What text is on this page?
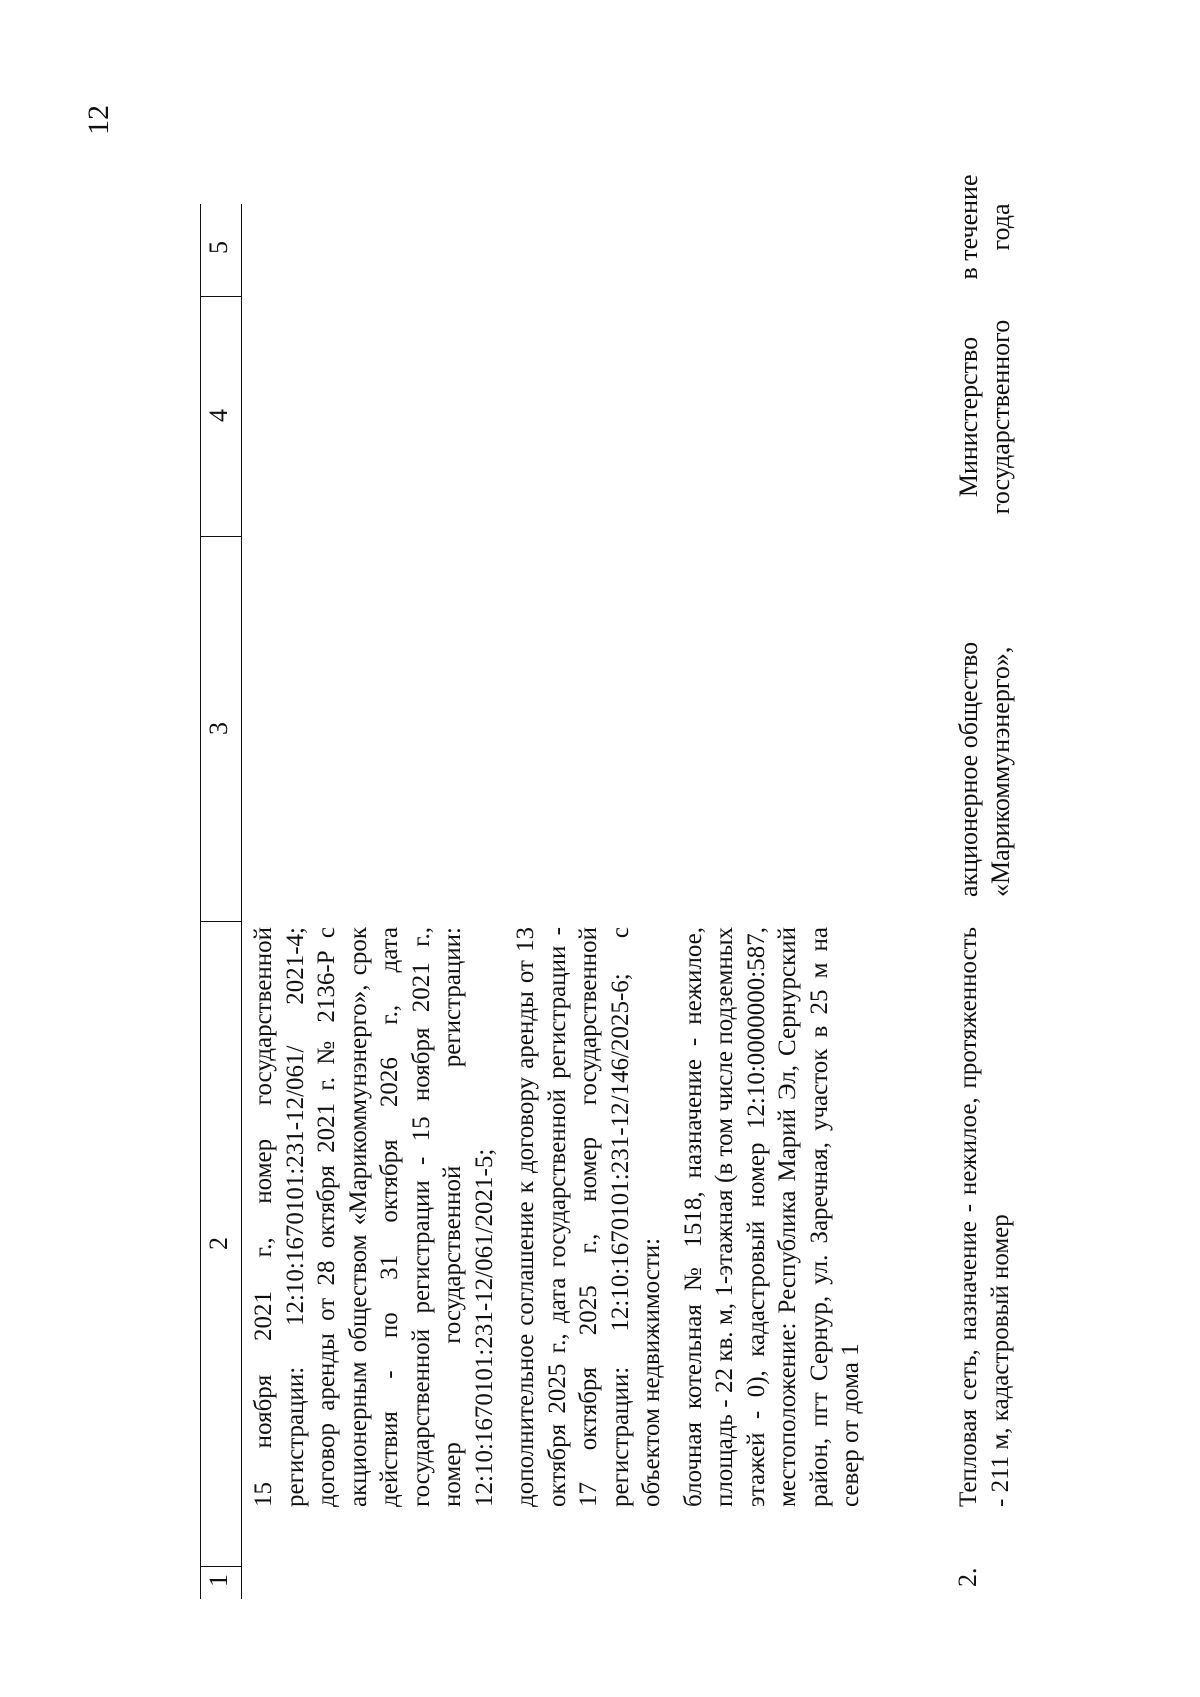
12
1
2
3
4
5

15 ноября 2021 г., номер государственной регистрации: 12:10:1670101:231-12/061/ 2021-4; договор аренды от 28 октября 2021 г. № 2136-Р с акционерным обществом «Марикоммунэнерго», срок действия - по 31 октября 2026 г., дата государственной регистрации - 15 ноября 2021 г., номер государственной регистрации: 12:10:1670101:231-12/061/2021-5; дополнительное соглашение к договору аренды от 13 октября 2025 г., дата государственной регистрации - 17 октября 2025 г., номер государственной регистрации: 12:10:1670101:231-12/146/2025-6; с объектом недвижимости: блочная котельная № 1518, назначение - нежилое, площадь - 22 кв. м, 1-этажная (в том числе подземных этажей - 0), кадастровый номер 12:10:0000000:587, местоположение: Республика Марий Эл, Сернурский район, пгт Сернур, ул. Заречная, участок в 25 м на север от дома 1

2.
Тепловая сеть, назначение - нежилое, протяженность - 211 м, кадастровый номер
акционерное общество «Марикоммунэнерго»,
Министерство государственного
в течение года
